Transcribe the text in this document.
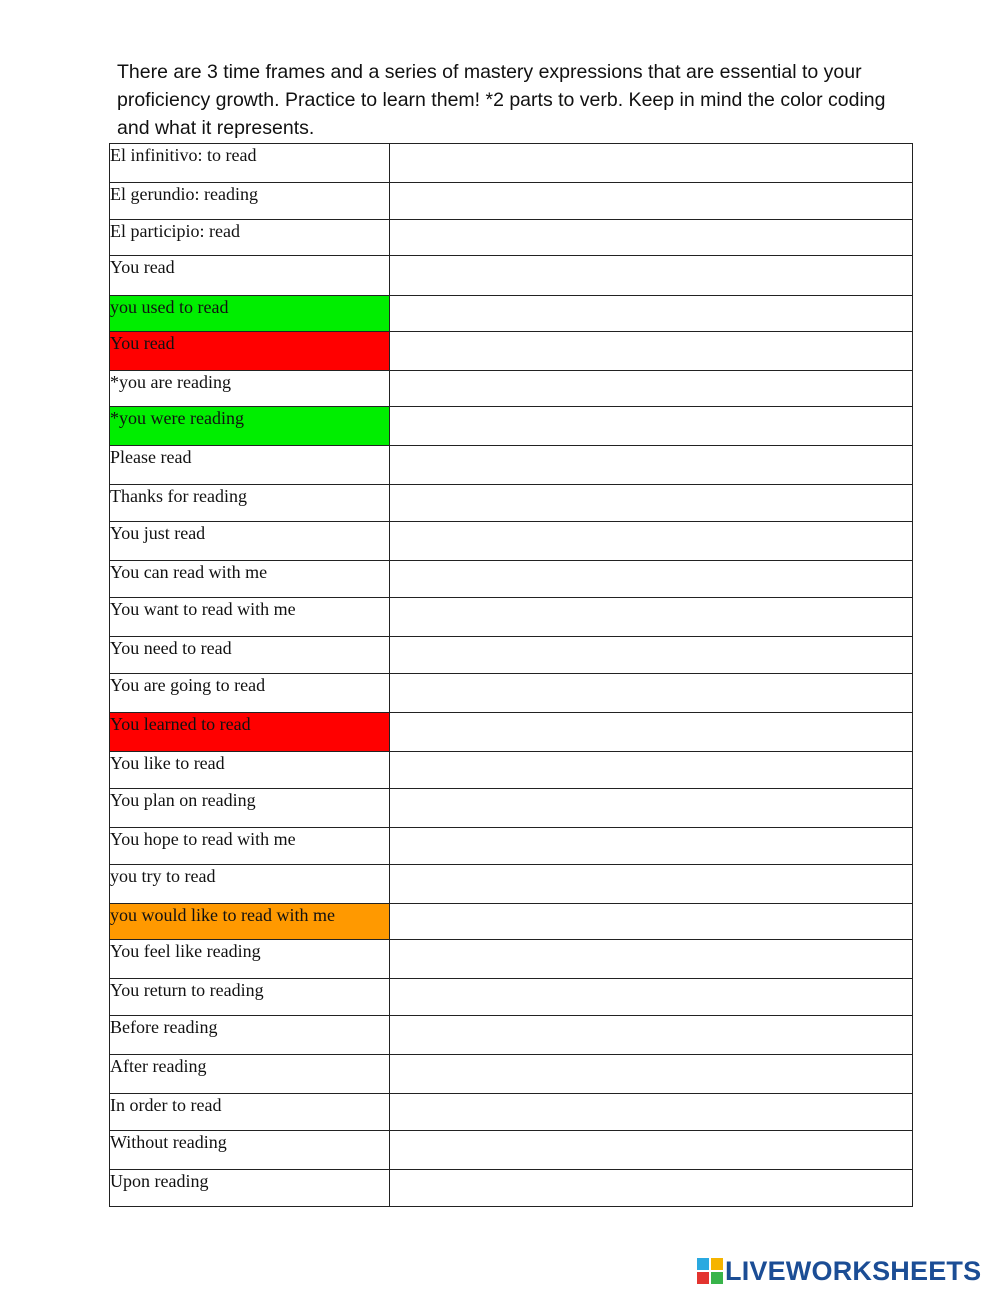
There are 3 time frames and a series of mastery expressions that are essential to your proficiency growth. Practice to learn them! *2 parts to verb. Keep in mind the color coding and what it represents.
El infinitivo: to read	
El gerundio: reading	
El participio: read	
You read	
you used to read	
You read	
*you are reading	
*you were reading	
Please read	
Thanks for reading	
You just read	
You can read with me	
You want to read with me	
You need to read	
You are going to read	
You learned to read	
You like to read	
You plan on reading	
You hope to read with me	
you try to read	
you would like to read with me	
You feel like reading	
You return to reading	
Before reading	
After reading	
In order to read	
Without reading	
Upon reading	
LIVEWORKSHEETS
